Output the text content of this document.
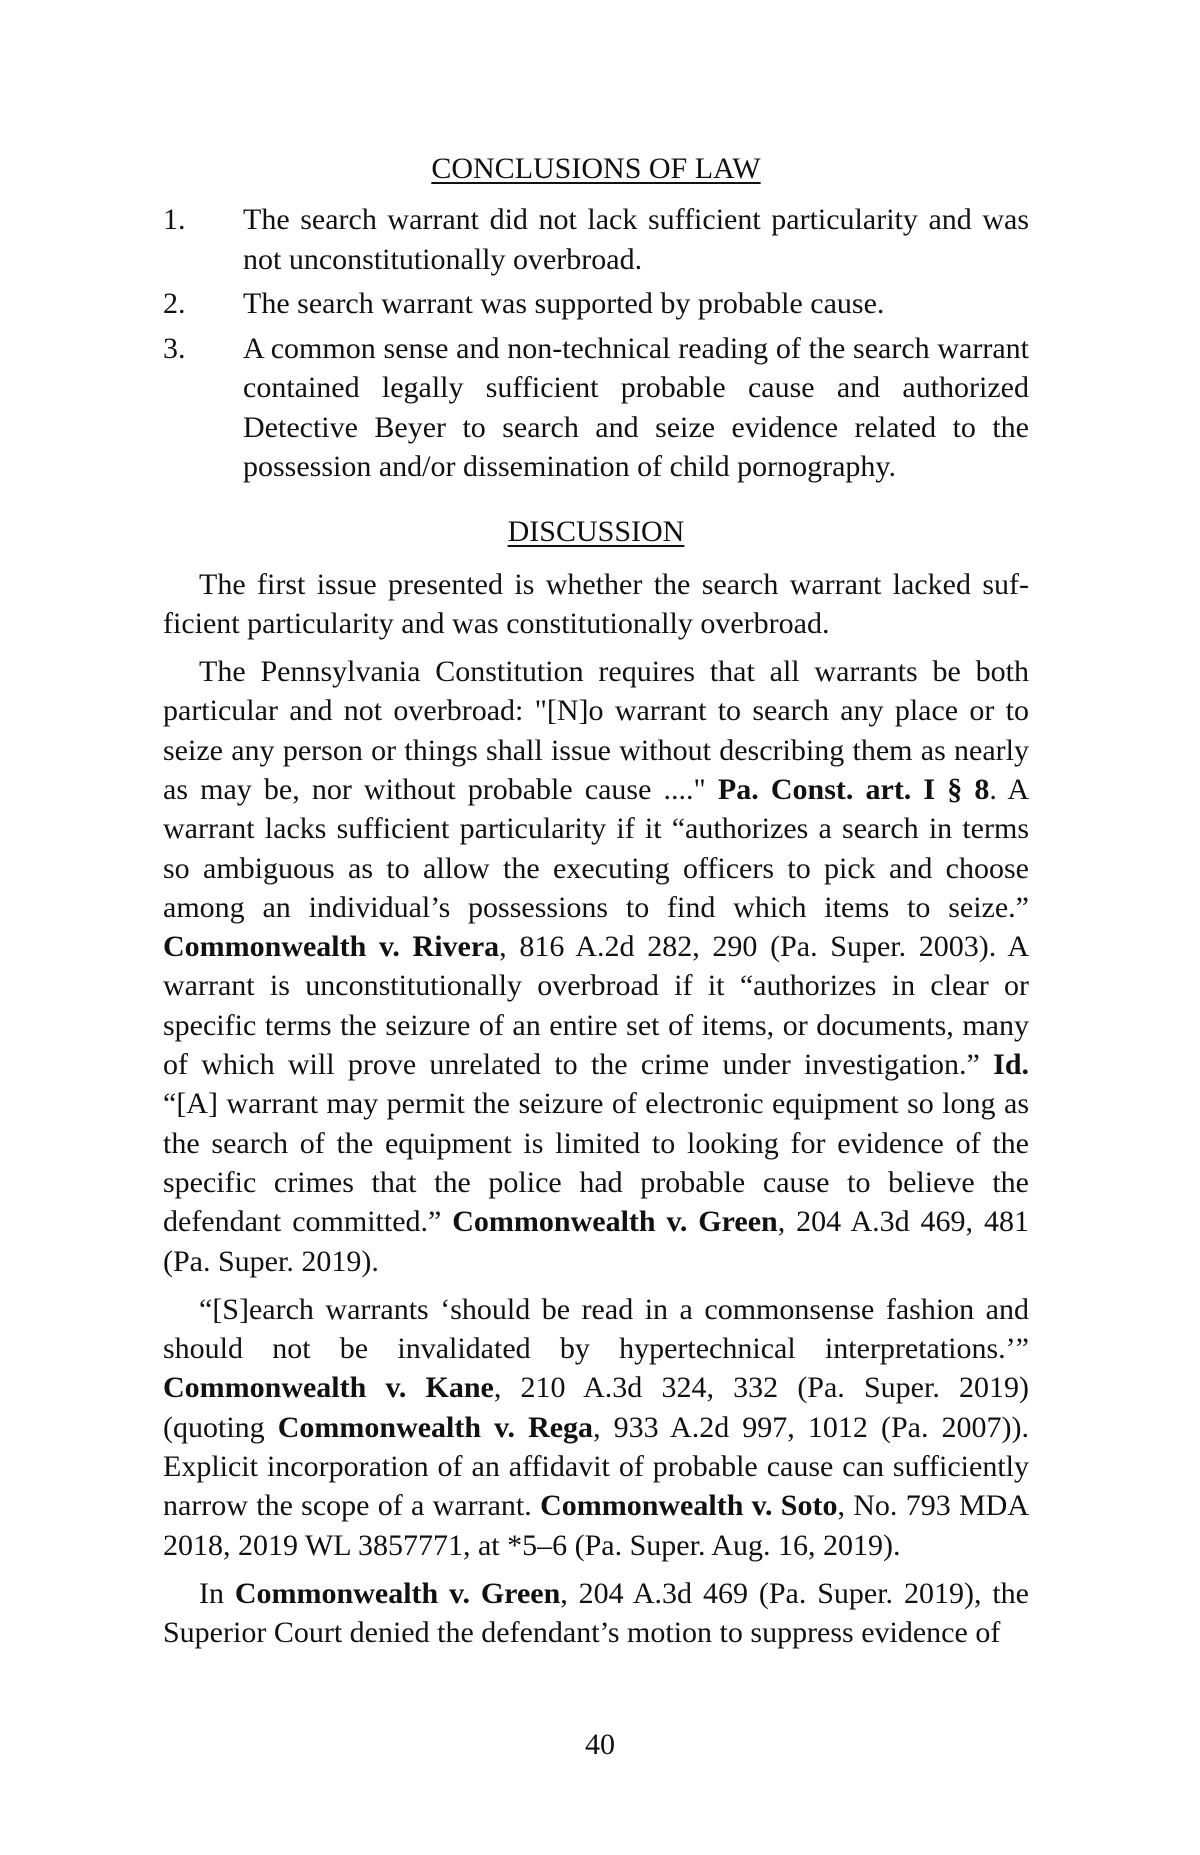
CONCLUSIONS OF LAW
1. The search warrant did not lack sufficient particularity and was not unconstitutionally overbroad.
2. The search warrant was supported by probable cause.
3. A common sense and non-technical reading of the search warrant contained legally sufficient probable cause and authorized Detective Beyer to search and seize evidence related to the possession and/or dissemination of child pornography.
DISCUSSION

The first issue presented is whether the search warrant lacked sufficient particularity and was constitutionally overbroad.

The Pennsylvania Constitution requires that all warrants be both particular and not overbroad: "[N]o warrant to search any place or to seize any person or things shall issue without describing them as nearly as may be, nor without probable cause ...." Pa. Const. art. I § 8. A warrant lacks sufficient particularity if it “authorizes a search in terms so ambiguous as to allow the executing officers to pick and choose among an individual’s possessions to find which items to seize.” Commonwealth v. Rivera, 816 A.2d 282, 290 (Pa. Super. 2003). A warrant is unconstitutionally overbroad if it “authorizes in clear or specific terms the seizure of an entire set of items, or documents, many of which will prove unrelated to the crime under investigation.” Id. “[A] warrant may permit the seizure of electronic equipment so long as the search of the equipment is limited to looking for evidence of the specific crimes that the police had probable cause to believe the defendant committed.” Commonwealth v. Green, 204 A.3d 469, 481 (Pa. Super. 2019).

“[S]earch warrants ‘should be read in a commonsense fashion and should not be invalidated by hypertechnical interpretations.’” Commonwealth v. Kane, 210 A.3d 324, 332 (Pa. Super. 2019) (quoting Commonwealth v. Rega, 933 A.2d 997, 1012 (Pa. 2007)). Explicit incorporation of an affidavit of probable cause can sufficiently narrow the scope of a warrant. Commonwealth v. Soto, No. 793 MDA 2018, 2019 WL 3857771, at *5–6 (Pa. Super. Aug. 16, 2019).

In Commonwealth v. Green, 204 A.3d 469 (Pa. Super. 2019), the Superior Court denied the defendant’s motion to suppress evidence of

40
